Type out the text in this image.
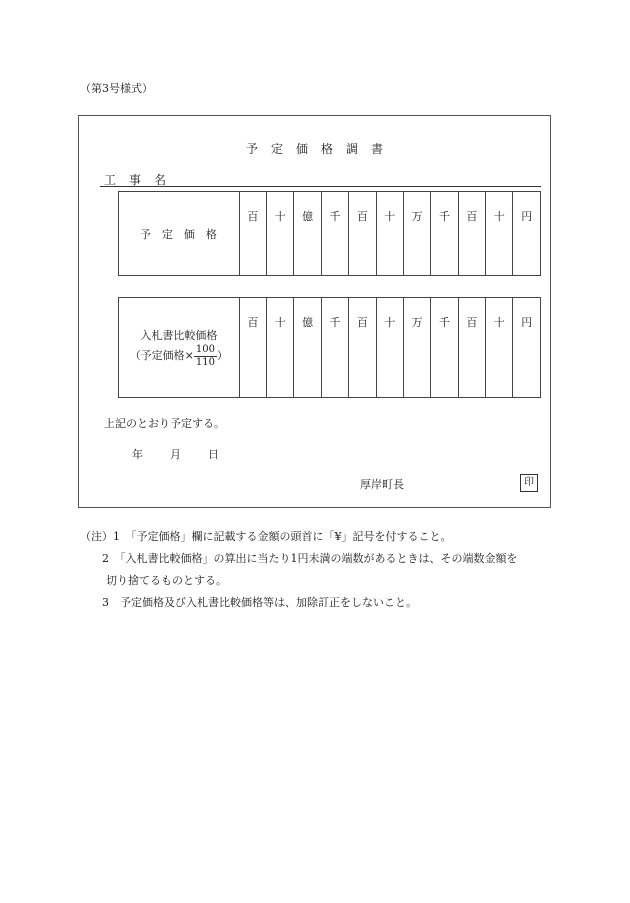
（第3号様式）
予定価格調書
工事名
予定価格	百	十	億	千	百	十	万	千	百	十	円
入札書比較価格
（予定価格× $\frac{100}{110}$ ）
	百	十	億	千	百	十	万	千	百	十	円
上記のとおり予定する。
年 月 日
厚岸町長	印
（注）1　「予定価格」欄に記載する金額の頭首に「¥」記号を付すること。
2　「入札書比較価格」の算出に当たり1円未満の端数があるときは、その端数金額を
切り捨てるものとする。
3　予定価格及び入札書比較価格等は、加除訂正をしないこと。
